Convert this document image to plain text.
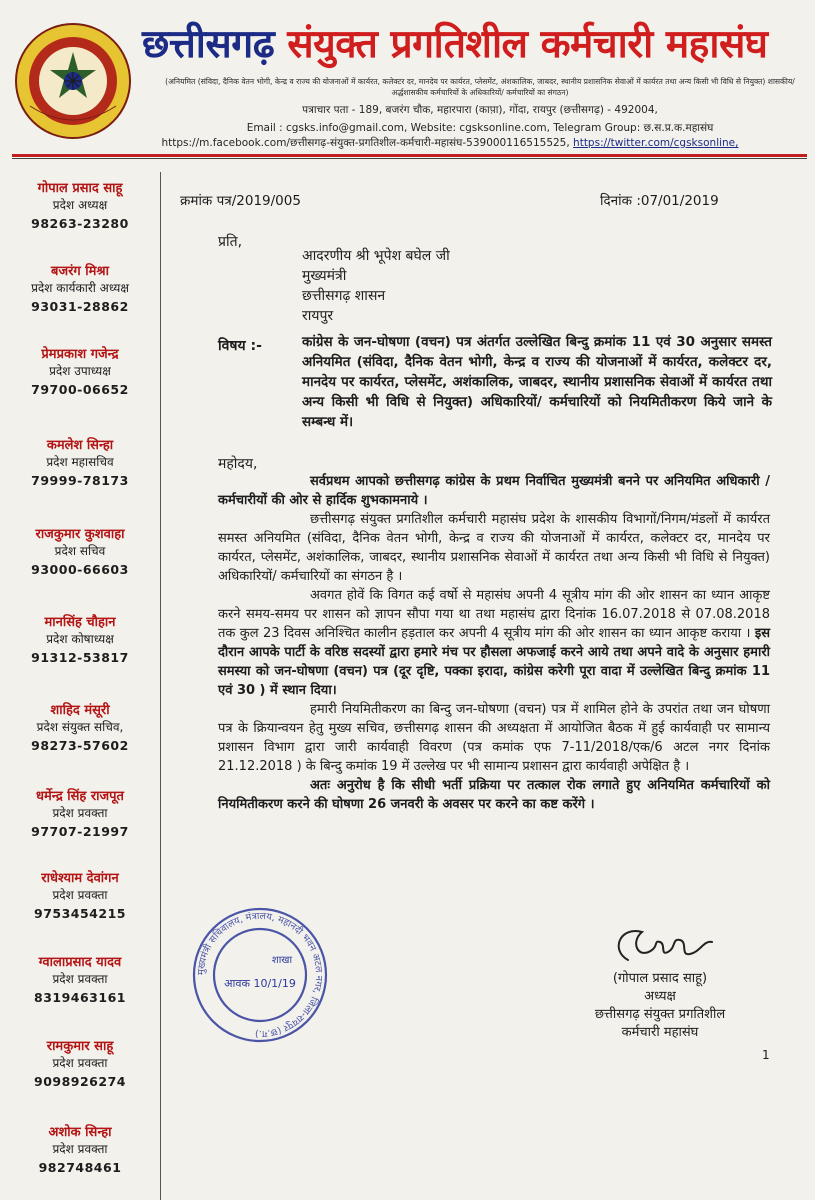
छत्तीसगढ़ संयुक्त प्रगतिशील कर्मचारी महासंघ
(अनियमित (संविदा, दैनिक वेतन भोगी, केन्द्र व राज्य की योजनाओं में कार्यरत, कलेक्टर दर, मानदेय पर कार्यरत, प्लेसमेंट, अंशकालिक, जाबदर, स्थानीय प्रशासनिक सेवाओं में कार्यरत तथा अन्य किसी भी विधि से नियुक्त) शासकीय/अर्द्धशासकीय कर्मचारियों के अधिकारियों/ कर्मचारियों का संगठन)
पत्राचार पता - 189, बजरंग चौक, महारपारा (काप़ा), गोंदा, रायपुर (छत्तीसगढ़) - 492004,
Email : cgsks.info@gmail.com, Website: cgsksonline.com, Telegram Group: छ.स.प्र.क.महासंघ
https://m.facebook.com/छत्तीसगढ़-संयुक्त-प्रगतिशील-कर्मचारी-महासंघ-539000116515525, https://twitter.com/cgsksonline,
गोपाल प्रसाद साहू
प्रदेश अध्यक्ष
98263-23280
बजरंग मिश्रा
प्रदेश कार्यकारी अध्यक्ष
93031-28862
प्रेमप्रकाश गजेन्द्र
प्रदेश उपाध्यक्ष
79700-06652
कमलेश सिन्हा
प्रदेश महासचिव
79999-78173
राजकुमार कुशवाहा
प्रदेश सचिव
93000-66603
मानसिंह चौहान
प्रदेश कोषाध्यक्ष
91312-53817
शाहिद मंसूरी
प्रदेश संयुक्त सचिव,
98273-57602
धर्मेन्द्र सिंह राजपूत
प्रदेश प्रवक्ता
97707-21997
राधेश्याम देवांगन
प्रदेश प्रवक्ता
9753454215
ग्वालाप्रसाद यादव
प्रदेश प्रवक्ता
8319463161
रामकुमार साहू
प्रदेश प्रवक्ता
9098926274
अशोक सिन्हा
प्रदेश प्रवक्ता
982748461
क्रमांक पत्र/2019/005	दिनांक :07/01/2019
प्रति,
आदरणीय श्री भूपेश बघेल जी
मुख्यमंत्री
छत्तीसगढ़ शासन
रायपुर
विषय :-	कांग्रेस के जन-घोषणा (वचन) पत्र अंतर्गत उल्लेखित बिन्दु क्रमांक 11 एवं 30 अनुसार समस्त अनियमित (संविदा, दैनिक वेतन भोगी, केन्द्र व राज्य की योजनाओं में कार्यरत, कलेक्टर दर, मानदेय पर कार्यरत, प्लेसमेंट, अशंकालिक, जाबदर, स्थानीय प्रशासनिक सेवाओं में कार्यरत तथा अन्य किसी भी विधि से नियुक्त) अधिकारियों/ कर्मचारियों को नियमितीकरण किये जाने के सम्बन्ध में।
महोदय,

सर्वप्रथम आपको छत्तीसगढ़ कांग्रेस के प्रथम निर्वाचित मुख्यमंत्री बनने पर अनियमित अधिकारी / कर्मचारीयों की ओर से हार्दिक शुभकामनाये ।

छत्तीसगढ़ संयुक्त प्रगतिशील कर्मचारी महासंघ प्रदेश के शासकीय विभागों/निगम/मंडलों में कार्यरत समस्त अनियमित (संविदा, दैनिक वेतन भोगी, केन्द्र व राज्य की योजनाओं में कार्यरत, कलेक्टर दर, मानदेय पर कार्यरत, प्लेसमेंट, अशंकालिक, जाबदर, स्थानीय प्रशासनिक सेवाओं में कार्यरत तथा अन्य किसी भी विधि से नियुक्त) अधिकारियों/ कर्मचारियों का संगठन है ।

अवगत होवें कि विगत कई वर्षो से महासंघ अपनी 4 सूत्रीय मांग की ओर शासन का ध्यान आकृष्ट करने समय-समय पर शासन को ज्ञापन सौपा गया था तथा महासंघ द्वारा दिनांक 16.07.2018 से 07.08.2018 तक कुल 23 दिवस अनिश्चित कालीन हड़ताल कर अपनी 4 सूत्रीय मांग की ओर शासन का ध्यान आकृष्ट कराया । इस दौरान आपके पार्टी के वरिष्ठ सदस्यों द्वारा हमारे मंच पर हौसला अफजाई करने आये तथा अपने वादे के अनुसार हमारी समस्या को जन-घोषणा (वचन) पत्र (दूर दृष्टि, पक्का इरादा, कांग्रेस करेगी पूरा वादा में उल्लेखित बिन्दु क्रमांक 11 एवं 30 ) में स्थान दिया।

हमारी नियमितीकरण का बिन्दु जन-घोषणा (वचन) पत्र में शामिल होने के उपरांत तथा जन घोषणा पत्र के क्रियान्वयन हेतु मुख्य सचिव, छत्तीसगढ़ शासन की अध्यक्षता में आयोजित बैठक में हुई कार्यवाही पर सामान्य प्रशासन विभाग द्वारा जारी कार्यवाही विवरण (पत्र कमांक एफ 7-11/2018/एक/6 अटल नगर दिनांक 21.12.2018 ) के बिन्दु कमांक 19 में उल्लेख पर भी सामान्य प्रशासन द्वारा कार्यवाही अपेक्षित है ।

अतः अनुरोध है कि सीधी भर्ती प्रक्रिया पर तत्काल रोक लगाते हुए अनियमित कर्मचारियों को नियमितीकरण करने की घोषणा 26 जनवरी के अवसर पर करने का कष्ट करेंगे ।

मुख्यमंत्री सचिवालय, मंत्रालय, महानदी भवन अटल नगर, जिला-रायपुर (छ.ग.)
शाखा
आवक 10/1/19	(गोपाल प्रसाद साहू)
अध्यक्ष
छत्तीसगढ़ संयुक्त प्रगतिशील
कर्मचारी महासंघ
1
